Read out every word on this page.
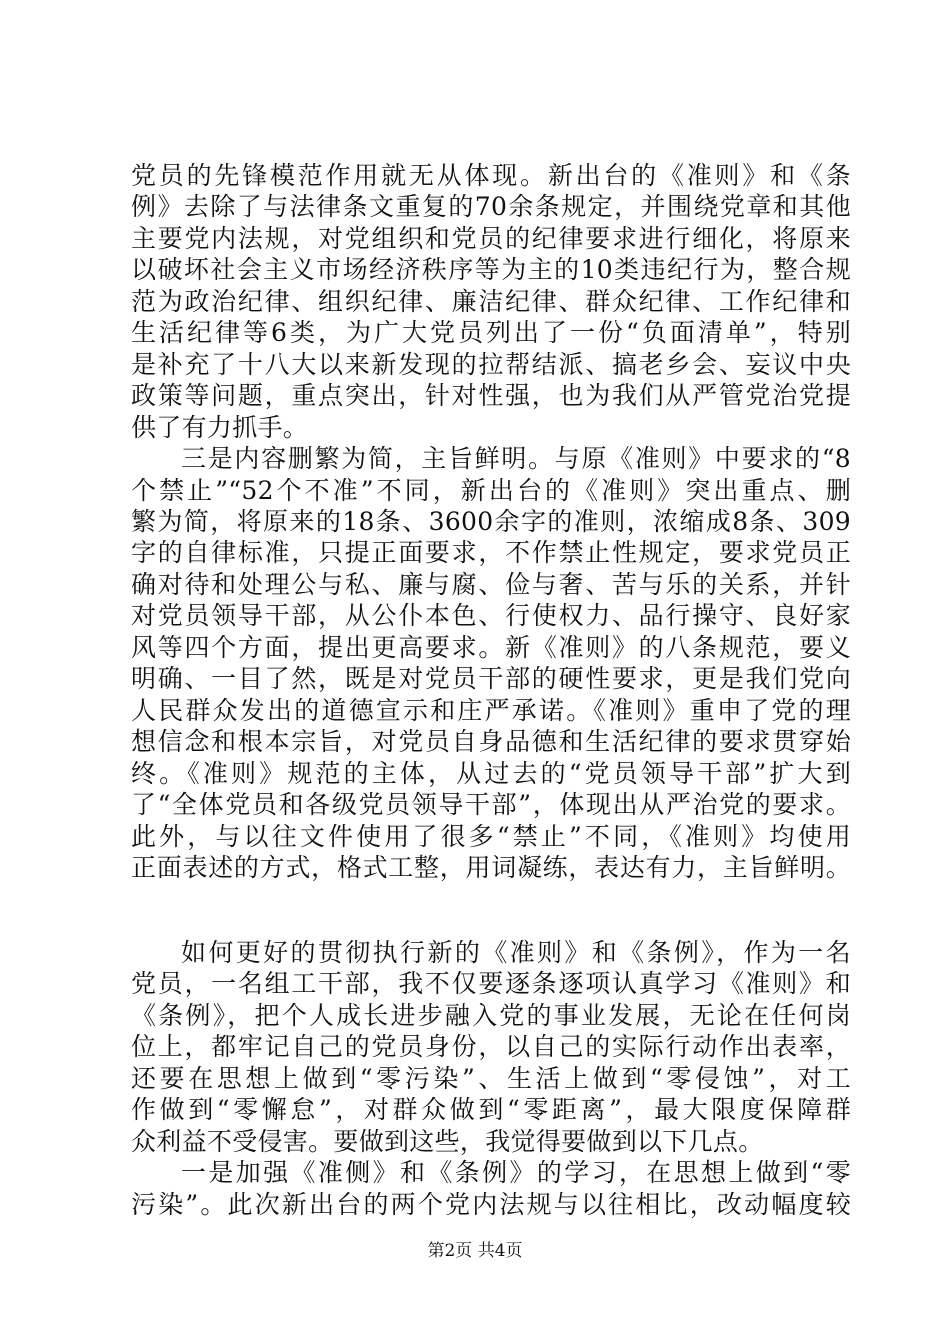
党员的先锋模范作用就无从体现。新出台的《准则》和《条
例》去除了与法律条文重复的70余条规定，并围绕党章和其他
主要党内法规，对党组织和党员的纪律要求进行细化，将原来
以破坏社会主义市场经济秩序等为主的10类违纪行为，整合规
范为政治纪律、组织纪律、廉洁纪律、群众纪律、工作纪律和
生活纪律等6类，为广大党员列出了一份“负面清单”，特别
是补充了十八大以来新发现的拉帮结派、搞老乡会、妄议中央
政策等问题，重点突出，针对性强，也为我们从严管党治党提
供了有力抓手。
三是内容删繁为简，主旨鲜明。与原《准则》中要求的“8
个禁止”“52个不准”不同，新出台的《准则》突出重点、删
繁为简，将原来的18条、3600余字的准则，浓缩成8条、309
字的自律标准，只提正面要求，不作禁止性规定，要求党员正
确对待和处理公与私、廉与腐、俭与奢、苦与乐的关系，并针
对党员领导干部，从公仆本色、行使权力、品行操守、良好家
风等四个方面，提出更高要求。新《准则》的八条规范，要义
明确、一目了然，既是对党员干部的硬性要求，更是我们党向
人民群众发出的道德宣示和庄严承诺。《准则》重申了党的理
想信念和根本宗旨，对党员自身品德和生活纪律的要求贯穿始
终。《准则》规范的主体，从过去的“党员领导干部”扩大到
了“全体党员和各级党员领导干部”，体现出从严治党的要求。
此外，与以往文件使用了很多“禁止”不同，《准则》均使用
正面表述的方式，格式工整，用词凝练，表达有力，主旨鲜明。
如何更好的贯彻执行新的《准则》和《条例》，作为一名
党员，一名组工干部，我不仅要逐条逐项认真学习《准则》和
《条例》，把个人成长进步融入党的事业发展，无论在任何岗
位上，都牢记自己的党员身份，以自己的实际行动作出表率，
还要在思想上做到“零污染”、生活上做到“零侵蚀”，对工
作做到“零懈怠”，对群众做到“零距离”，最大限度保障群
众利益不受侵害。要做到这些，我觉得要做到以下几点。
一是加强《准侧》和《条例》的学习，在思想上做到“零
污染”。此次新出台的两个党内法规与以往相比，改动幅度较
第2页 共4页
